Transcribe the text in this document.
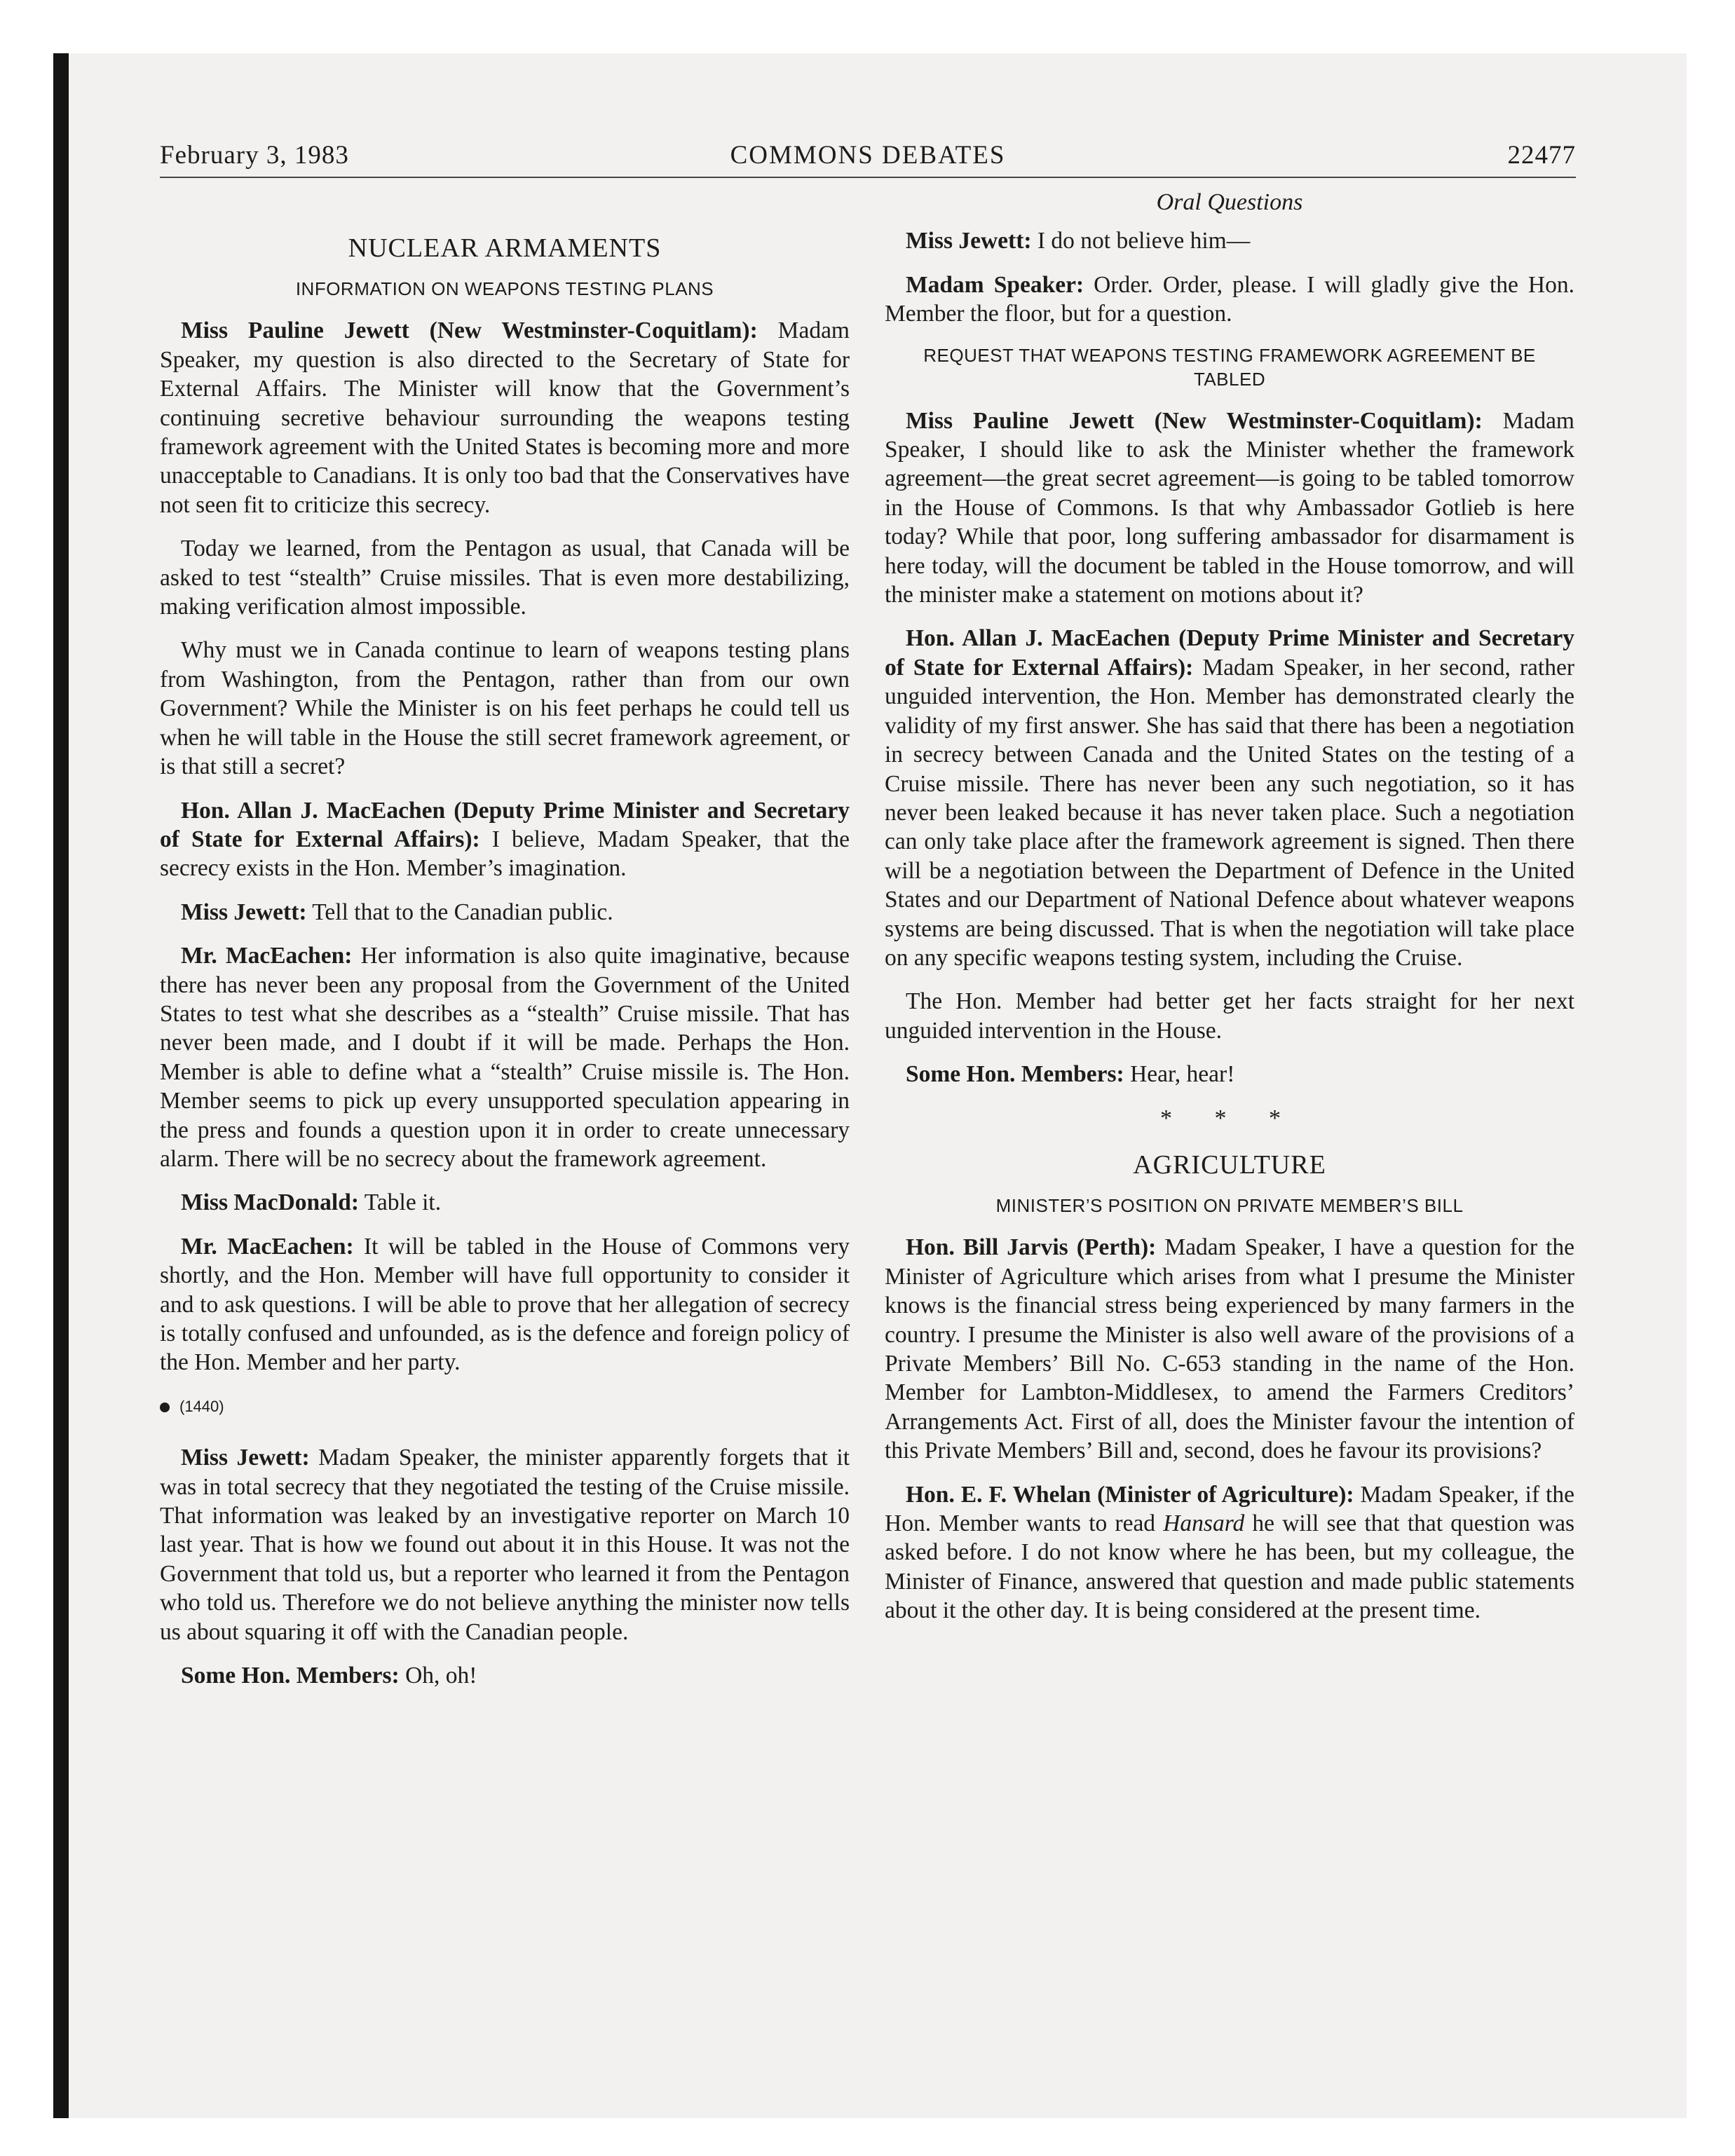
February 3, 1983	COMMONS DEBATES	22477
NUCLEAR ARMAMENTS
INFORMATION ON WEAPONS TESTING PLANS

Miss Pauline Jewett (New Westminster-Coquitlam): Madam Speaker, my question is also directed to the Secretary of State for External Affairs. The Minister will know that the Government’s continuing secretive behaviour surrounding the weapons testing framework agreement with the United States is becoming more and more unacceptable to Canadians. It is only too bad that the Conservatives have not seen fit to criticize this secrecy.

Today we learned, from the Pentagon as usual, that Canada will be asked to test “stealth” Cruise missiles. That is even more destabilizing, making verification almost impossible.

Why must we in Canada continue to learn of weapons testing plans from Washington, from the Pentagon, rather than from our own Government? While the Minister is on his feet perhaps he could tell us when he will table in the House the still secret framework agreement, or is that still a secret?

Hon. Allan J. MacEachen (Deputy Prime Minister and Secretary of State for External Affairs): I believe, Madam Speaker, that the secrecy exists in the Hon. Member’s imagination.

Miss Jewett: Tell that to the Canadian public.

Mr. MacEachen: Her information is also quite imaginative, because there has never been any proposal from the Government of the United States to test what she describes as a “stealth” Cruise missile. That has never been made, and I doubt if it will be made. Perhaps the Hon. Member is able to define what a “stealth” Cruise missile is. The Hon. Member seems to pick up every unsupported speculation appearing in the press and founds a question upon it in order to create unnecessary alarm. There will be no secrecy about the framework agreement.

Miss MacDonald: Table it.

Mr. MacEachen: It will be tabled in the House of Commons very shortly, and the Hon. Member will have full opportunity to consider it and to ask questions. I will be able to prove that her allegation of secrecy is totally confused and unfounded, as is the defence and foreign policy of the Hon. Member and her party.

(1440)

Miss Jewett: Madam Speaker, the minister apparently forgets that it was in total secrecy that they negotiated the testing of the Cruise missile. That information was leaked by an investigative reporter on March 10 last year. That is how we found out about it in this House. It was not the Government that told us, but a reporter who learned it from the Pentagon who told us. Therefore we do not believe anything the minister now tells us about squaring it off with the Canadian people.

Some Hon. Members: Oh, oh!

Oral Questions

Miss Jewett: I do not believe him—

Madam Speaker: Order. Order, please. I will gladly give the Hon. Member the floor, but for a question.

REQUEST THAT WEAPONS TESTING FRAMEWORK AGREEMENT BE TABLED

Miss Pauline Jewett (New Westminster-Coquitlam): Madam Speaker, I should like to ask the Minister whether the framework agreement—the great secret agreement—is going to be tabled tomorrow in the House of Commons. Is that why Ambassador Gotlieb is here today? While that poor, long suffering ambassador for disarmament is here today, will the document be tabled in the House tomorrow, and will the minister make a statement on motions about it?

Hon. Allan J. MacEachen (Deputy Prime Minister and Secretary of State for External Affairs): Madam Speaker, in her second, rather unguided intervention, the Hon. Member has demonstrated clearly the validity of my first answer. She has said that there has been a negotiation in secrecy between Canada and the United States on the testing of a Cruise missile. There has never been any such negotiation, so it has never been leaked because it has never taken place. Such a negotiation can only take place after the framework agreement is signed. Then there will be a negotiation between the Department of Defence in the United States and our Department of National Defence about whatever weapons systems are being discussed. That is when the negotiation will take place on any specific weapons testing system, including the Cruise.

The Hon. Member had better get her facts straight for her next unguided intervention in the House.

Some Hon. Members: Hear, hear!

* * *
AGRICULTURE
MINISTER’S POSITION ON PRIVATE MEMBER’S BILL

Hon. Bill Jarvis (Perth): Madam Speaker, I have a question for the Minister of Agriculture which arises from what I presume the Minister knows is the financial stress being experienced by many farmers in the country. I presume the Minister is also well aware of the provisions of a Private Members’ Bill No. C-653 standing in the name of the Hon. Member for Lambton-Middlesex, to amend the Farmers Creditors’ Arrangements Act. First of all, does the Minister favour the intention of this Private Members’ Bill and, second, does he favour its provisions?

Hon. E. F. Whelan (Minister of Agriculture): Madam Speaker, if the Hon. Member wants to read Hansard he will see that that question was asked before. I do not know where he has been, but my colleague, the Minister of Finance, answered that question and made public statements about it the other day. It is being considered at the present time.
